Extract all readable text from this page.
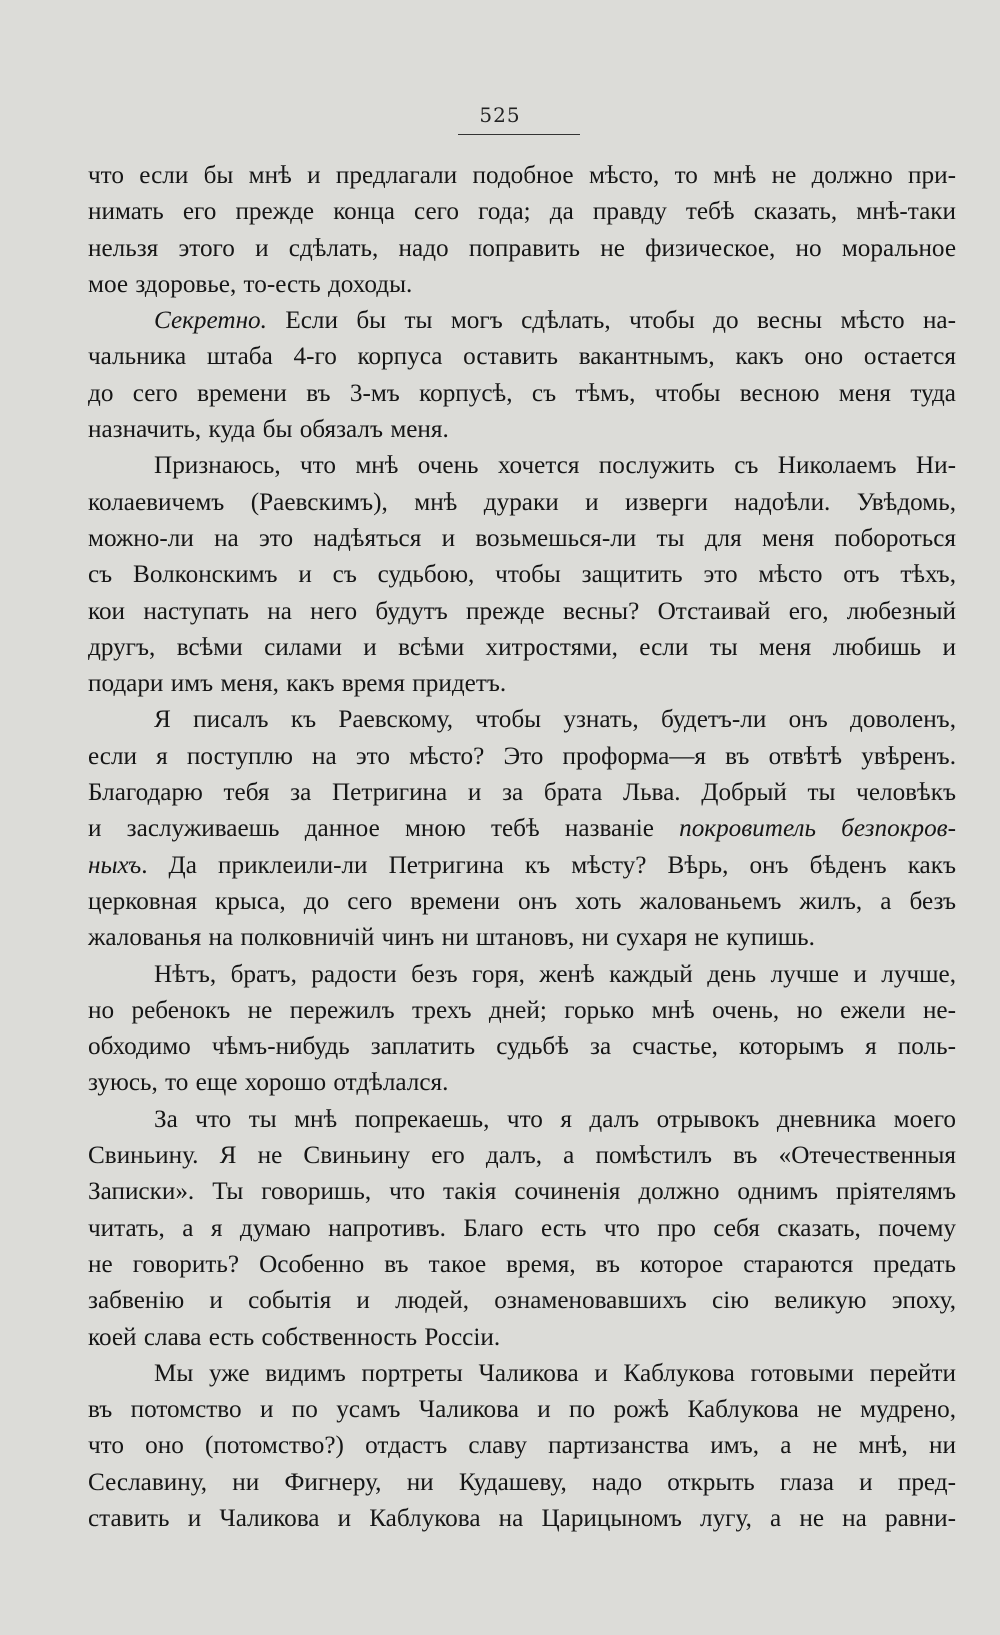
525

что если бы мнѣ и предлагали подобное мѣсто, то мнѣ не должно при-

нимать его прежде конца сего года; да правду тебѣ сказать, мнѣ-таки

нельзя этого и сдѣлать, надо поправить не физическое, но моральное

мое здоровье, то-есть доходы.

Секретно. Если бы ты могъ сдѣлать, чтобы до весны мѣсто на-

чальника штаба 4-го корпуса оставить вакантнымъ, какъ оно остается

до сего времени въ 3-мъ корпусѣ, съ тѣмъ, чтобы весною меня туда

назначить, куда бы обязалъ меня.

Признаюсь, что мнѣ очень хочется послужить съ Николаемъ Ни-

колаевичемъ (Раевскимъ), мнѣ дураки и изверги надоѣли. Увѣдомь,

можно-ли на это надѣяться и возьмешься-ли ты для меня побороться

съ Волконскимъ и съ судьбою, чтобы защитить это мѣсто отъ тѣхъ,

кои наступать на него будутъ прежде весны? Отстаивай его, любезный

другъ, всѣми силами и всѣми хитростями, если ты меня любишь и

подари имъ меня, какъ время придетъ.

Я писалъ къ Раевскому, чтобы узнать, будетъ-ли онъ доволенъ,

если я поступлю на это мѣсто? Это проформа—я въ отвѣтѣ увѣренъ.

Благодарю тебя за Петригина и за брата Льва. Добрый ты человѣкъ

и заслуживаешь данное мною тебѣ названіе покровитель безпокров-

ныхъ. Да приклеили-ли Петригина къ мѣсту? Вѣрь, онъ бѣденъ какъ

церковная крыса, до сего времени онъ хоть жалованьемъ жилъ, а безъ

жалованья на полковничій чинъ ни штановъ, ни сухаря не купишь.

Нѣтъ, братъ, радости безъ горя, женѣ каждый день лучше и лучше,

но ребенокъ не пережилъ трехъ дней; горько мнѣ очень, но ежели не-

обходимо чѣмъ-нибудь заплатить судьбѣ за счастье, которымъ я поль-

зуюсь, то еще хорошо отдѣлался.

За что ты мнѣ попрекаешь, что я далъ отрывокъ дневника моего

Свиньину. Я не Свиньину его далъ, а помѣстилъ въ «Отечественныя

Записки». Ты говоришь, что такія сочиненія должно однимъ пріятелямъ

читать, а я думаю напротивъ. Благо есть что про себя сказать, почему

не говорить? Особенно въ такое время, въ которое стараются предать

забвенію и событія и людей, ознаменовавшихъ сію великую эпоху,

коей слава есть собственность Россіи.

Мы уже видимъ портреты Чаликова и Каблукова готовыми перейти

въ потомство и по усамъ Чаликова и по рожѣ Каблукова не мудрено,

что оно (потомство?) отдастъ славу партизанства имъ, а не мнѣ, ни

Сеславину, ни Фигнеру, ни Кудашеву, надо открыть глаза и пред-

ставить и Чаликова и Каблукова на Царицыномъ лугу, а не на равни-
